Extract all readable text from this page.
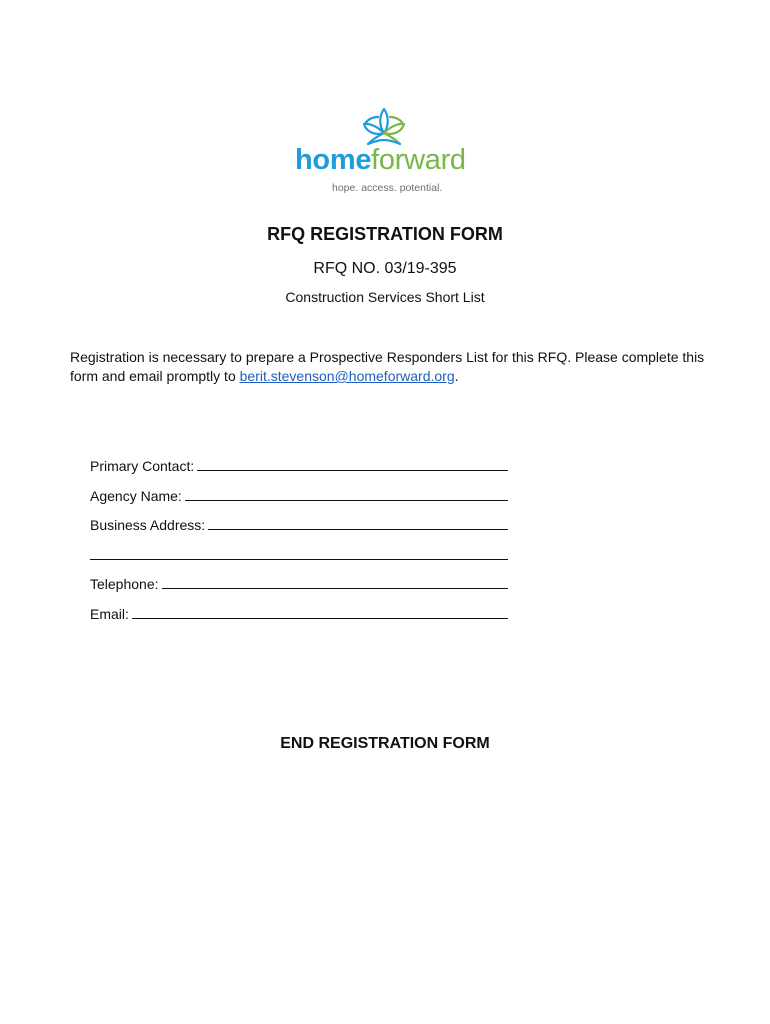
homeforward
hope. access. potential.
RFQ REGISTRATION FORM
RFQ NO. 03/19-395
Construction Services Short List
Registration is necessary to prepare a Prospective Responders List for this RFQ. Please complete this form and email promptly to berit.stevenson@homeforward.org.
Primary Contact:
Agency Name:
Business Address:
Telephone:
Email:
END REGISTRATION FORM
